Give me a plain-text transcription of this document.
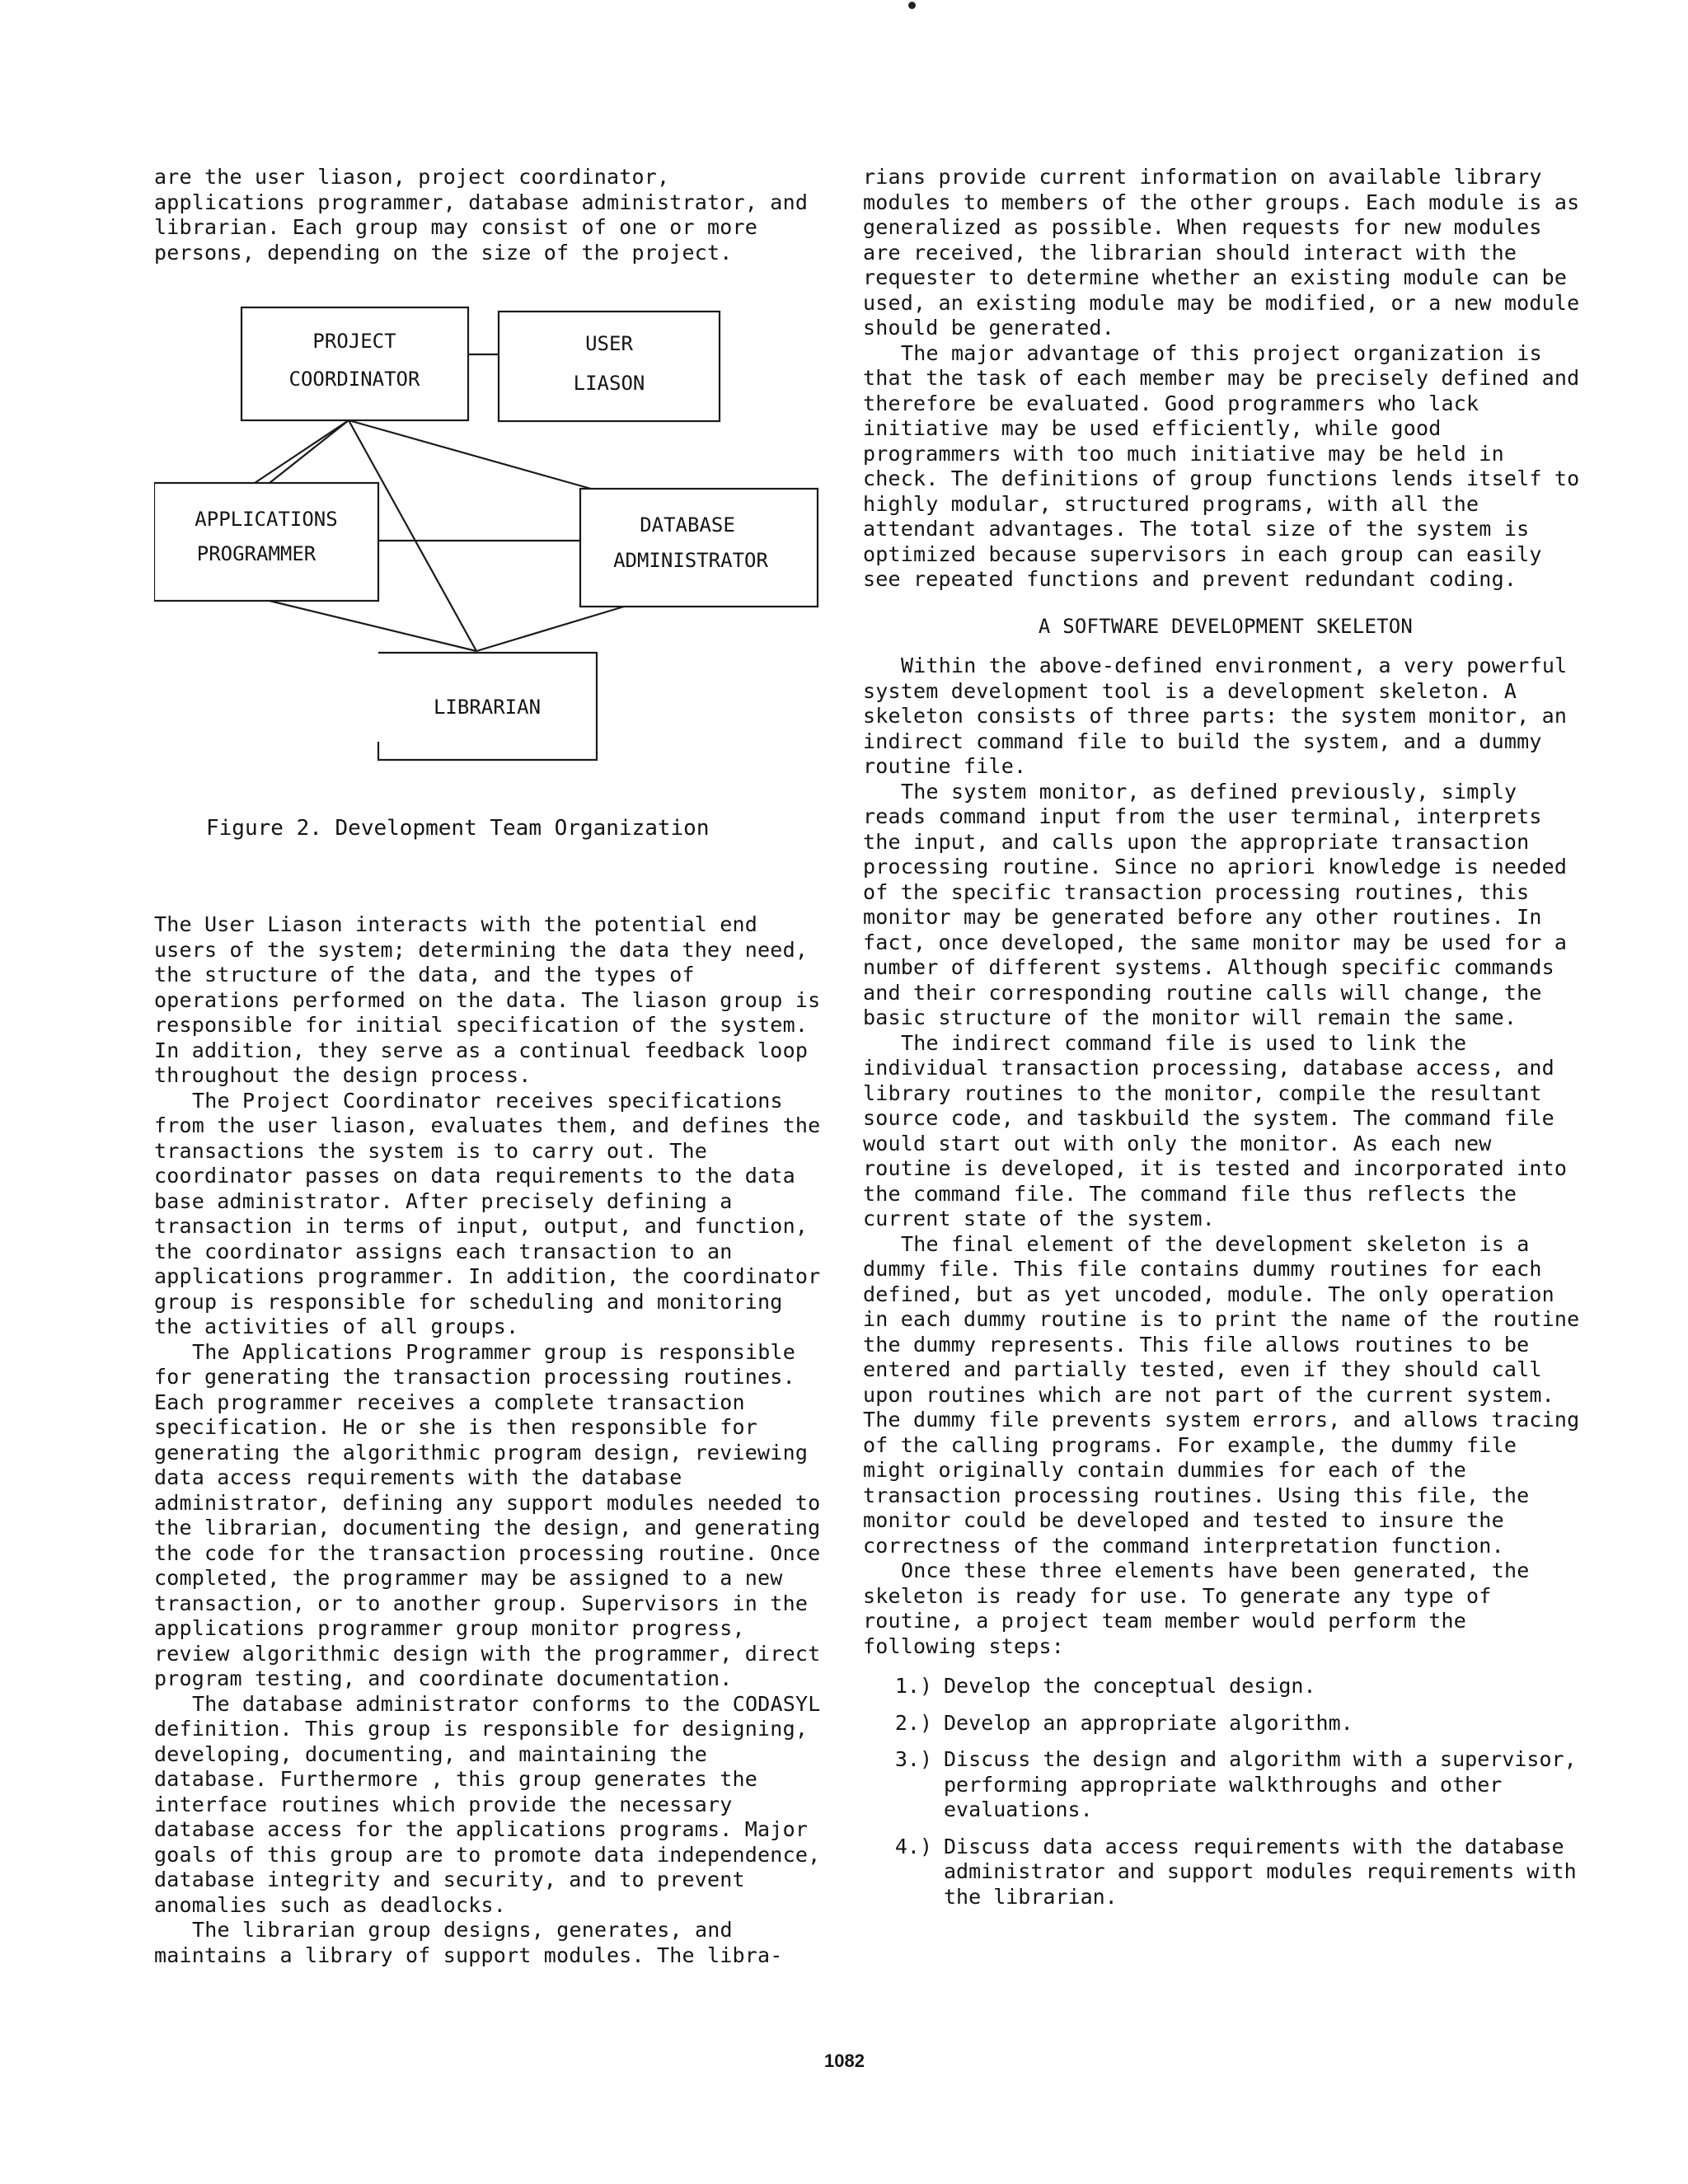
are the user liason, project coordinator, applications programmer, database administrator, and librarian. Each group may consist of one or more persons, depending on the size of the project.

PROJECT
COORDINATOR
USER
LIASON
APPLICATIONS
PROGRAMMER
DATABASE
ADMINISTRATOR
LIBRARIAN
Figure 2. Development Team Organization

The User Liason interacts with the potential end users of the system; determining the data they need, the structure of the data, and the types of operations performed on the data. The liason group is responsible for initial specification of the system. In addition, they serve as a continual feedback loop throughout the design process.

The Project Coordinator receives specifications from the user liason, evaluates them, and defines the transactions the system is to carry out. The coordinator passes on data requirements to the data base administrator. After precisely defining a transaction in terms of input, output, and function, the coordinator assigns each transaction to an applications programmer. In addition, the coordinator group is responsible for scheduling and monitoring the activities of all groups.

The Applications Programmer group is responsible for generating the transaction processing routines. Each programmer receives a complete transaction specification. He or she is then responsible for generating the algorithmic program design, reviewing data access requirements with the database administrator, defining any support modules needed to the librarian, documenting the design, and generating the code for the transaction processing routine. Once completed, the programmer may be assigned to a new transaction, or to another group. Supervisors in the applications programmer group monitor progress, review algorithmic design with the programmer, direct program testing, and coordinate documentation.

The database administrator conforms to the CODASYL definition. This group is responsible for designing, developing, documenting, and maintaining the database. Furthermore , this group generates the interface routines which provide the necessary database access for the applications programs. Major goals of this group are to promote data independence, database integrity and security, and to prevent anomalies such as deadlocks.

The librarian group designs, generates, and maintains a library of support modules. The libra-

rians provide current information on available library modules to members of the other groups. Each module is as generalized as possible. When requests for new modules are received, the librarian should interact with the requester to determine whether an existing module can be used, an existing module may be modified, or a new module should be generated.

The major advantage of this project organization is that the task of each member may be precisely defined and therefore be evaluated. Good programmers who lack initiative may be used efficiently, while good programmers with too much initiative may be held in check. The definitions of group functions lends itself to highly modular, structured programs, with all the attendant advantages. The total size of the system is optimized because supervisors in each group can easily see repeated functions and prevent redundant coding.

A SOFTWARE DEVELOPMENT SKELETON

Within the above-defined environment, a very powerful system development tool is a development skeleton. A skeleton consists of three parts: the system monitor, an indirect command file to build the system, and a dummy routine file.

The system monitor, as defined previously, simply reads command input from the user terminal, interprets the input, and calls upon the appropriate transaction processing routine. Since no apriori knowledge is needed of the specific transaction processing routines, this monitor may be generated before any other routines. In fact, once developed, the same monitor may be used for a number of different systems. Although specific commands and their corresponding routine calls will change, the basic structure of the monitor will remain the same.

The indirect command file is used to link the individual transaction processing, database access, and library routines to the monitor, compile the resultant source code, and taskbuild the system. The command file would start out with only the monitor. As each new routine is developed, it is tested and incorporated into the command file. The command file thus reflects the current state of the system.

The final element of the development skeleton is a dummy file. This file contains dummy routines for each defined, but as yet uncoded, module. The only operation in each dummy routine is to print the name of the routine the dummy represents. This file allows routines to be entered and partially tested, even if they should call upon routines which are not part of the current system. The dummy file prevents system errors, and allows tracing of the calling programs. For example, the dummy file might originally contain dummies for each of the transaction processing routines. Using this file, the monitor could be developed and tested to insure the correctness of the command interpretation function.

Once these three elements have been generated, the skeleton is ready for use. To generate any type of routine, a project team member would perform the following steps:

1.) Develop the conceptual design.
2.) Develop an appropriate algorithm.
3.) Discuss the design and algorithm with a supervisor, performing appropriate walkthroughs and other evaluations.
4.) Discuss data access requirements with the database administrator and support modules requirements with the librarian.
1082
